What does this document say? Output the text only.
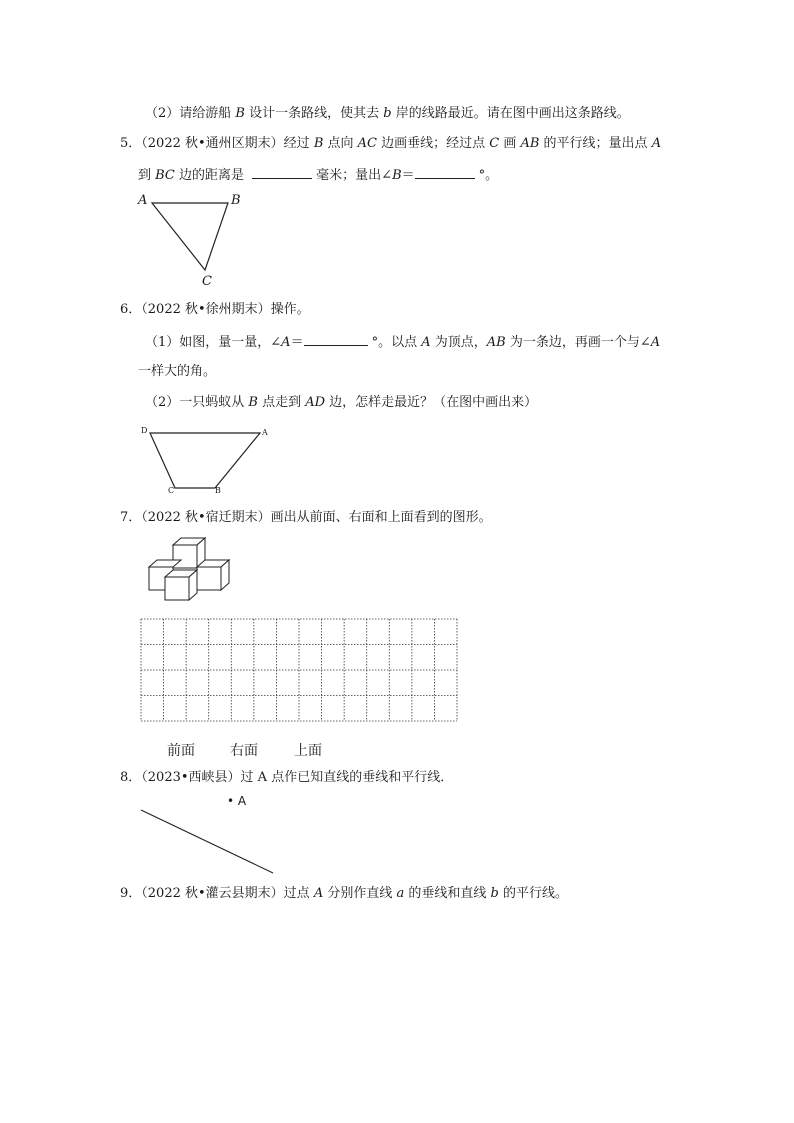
（2）请给游船 B 设计一条路线，使其去 b 岸的线路最近。请在图中画出这条路线。
5．（2022 秋•通州区期末）经过 B 点向 AC 边画垂线；经过点 C 画 AB 的平行线；量出点 A
到 BC 边的距离是	毫米；量出∠B＝	°。
A	B
C
6．（2022 秋•徐州期末）操作。
（1）如图，量一量，∠A＝	°。以点 A 为顶点，AB 为一条边，再画一个与∠A
一样大的角。
（2）一只蚂蚁从 B 点走到 AD 边，怎样走最近？（在图中画出来）
D	A
C	B
7．（2022 秋•宿迁期末）画出从前面、右面和上面看到的图形。
前面	右面	上面
8．（2023•西峡县）过 A 点作已知直线的垂线和平行线．
• A
9．（2022 秋•灌云县期末）过点 A 分别作直线 a 的垂线和直线 b 的平行线。
